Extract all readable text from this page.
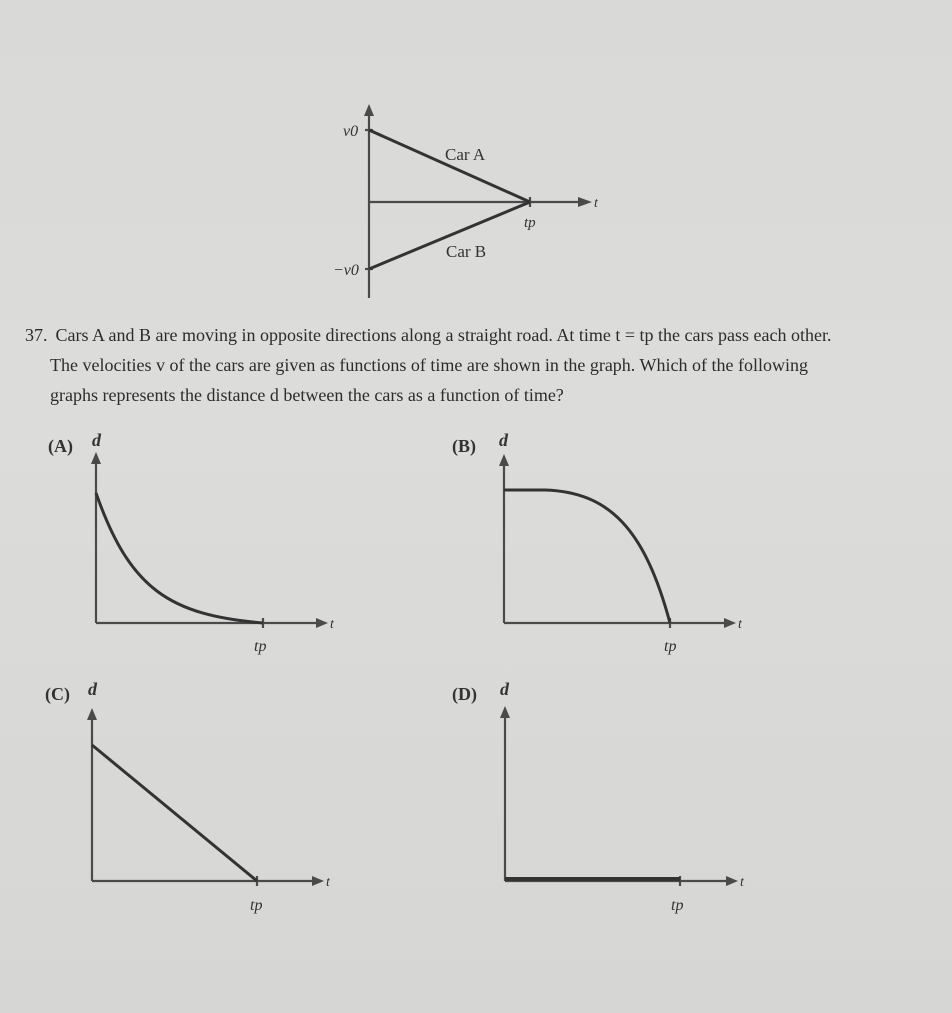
v0
−v0
t
tp
Car A
Car B
37. Cars A and B are moving in opposite directions along a straight road. At time t = tp the cars pass each other.
The velocities v of the cars are given as functions of time are shown in the graph. Which of the following
graphs represents the distance d between the cars as a function of time?
(A) d
t
tp
(B) d
t
tp
(C) d
t
tp
(D) d
t
tp
